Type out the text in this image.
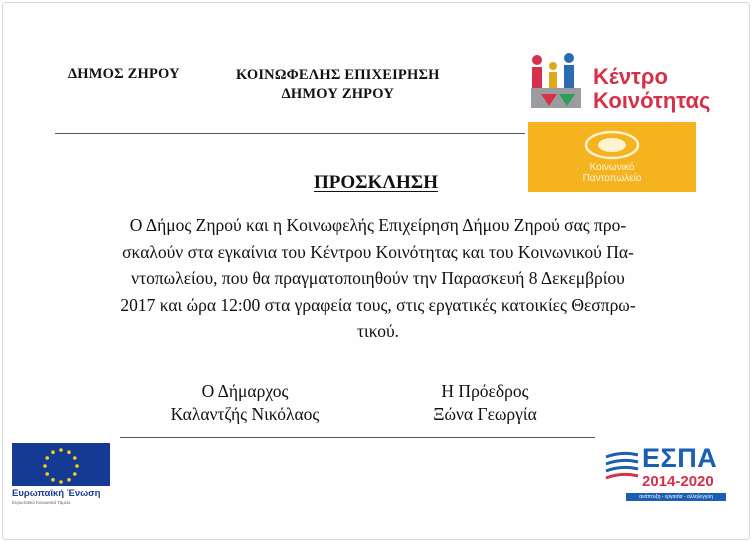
ΔΗΜΟΣ ΖΗΡΟΥ	ΚΟΙΝΩΦΕΛΗΣ ΕΠΙΧΕΙΡΗΣΗ
ΔΗΜΟΥ ΖΗΡΟΥ
Κέντρο
Κοινότητας
Κοινωνικό
Παντοπωλείο
ΠΡΟΣΚΛΗΣΗ
Ο Δήμος Ζηρού και η Κοινωφελής Επιχείρηση Δήμου Ζηρού σας προ-
σκαλούν στα εγκαίνια του Κέντρου Κοινότητας και του Κοινωνικού Πα-
ντοπωλείου, που θα πραγματοποιηθούν την Παρασκευή 8 Δεκεμβρίου
2017 και ώρα 12:00 στα γραφεία τους, στις εργατικές κατοικίες Θεσπρω-
τικού.
Ο Δήμαρχος
Καλαντζής Νικόλαος
Η Πρόεδρος
Ξώνα Γεωργία
Ευρωπαϊκή Ένωση
Ευρωπαϊκό Κοινωνικό Ταμείο
ΕΣΠΑ
2014-2020
ανάπτυξη - εργασία - αλληλεγγύη
